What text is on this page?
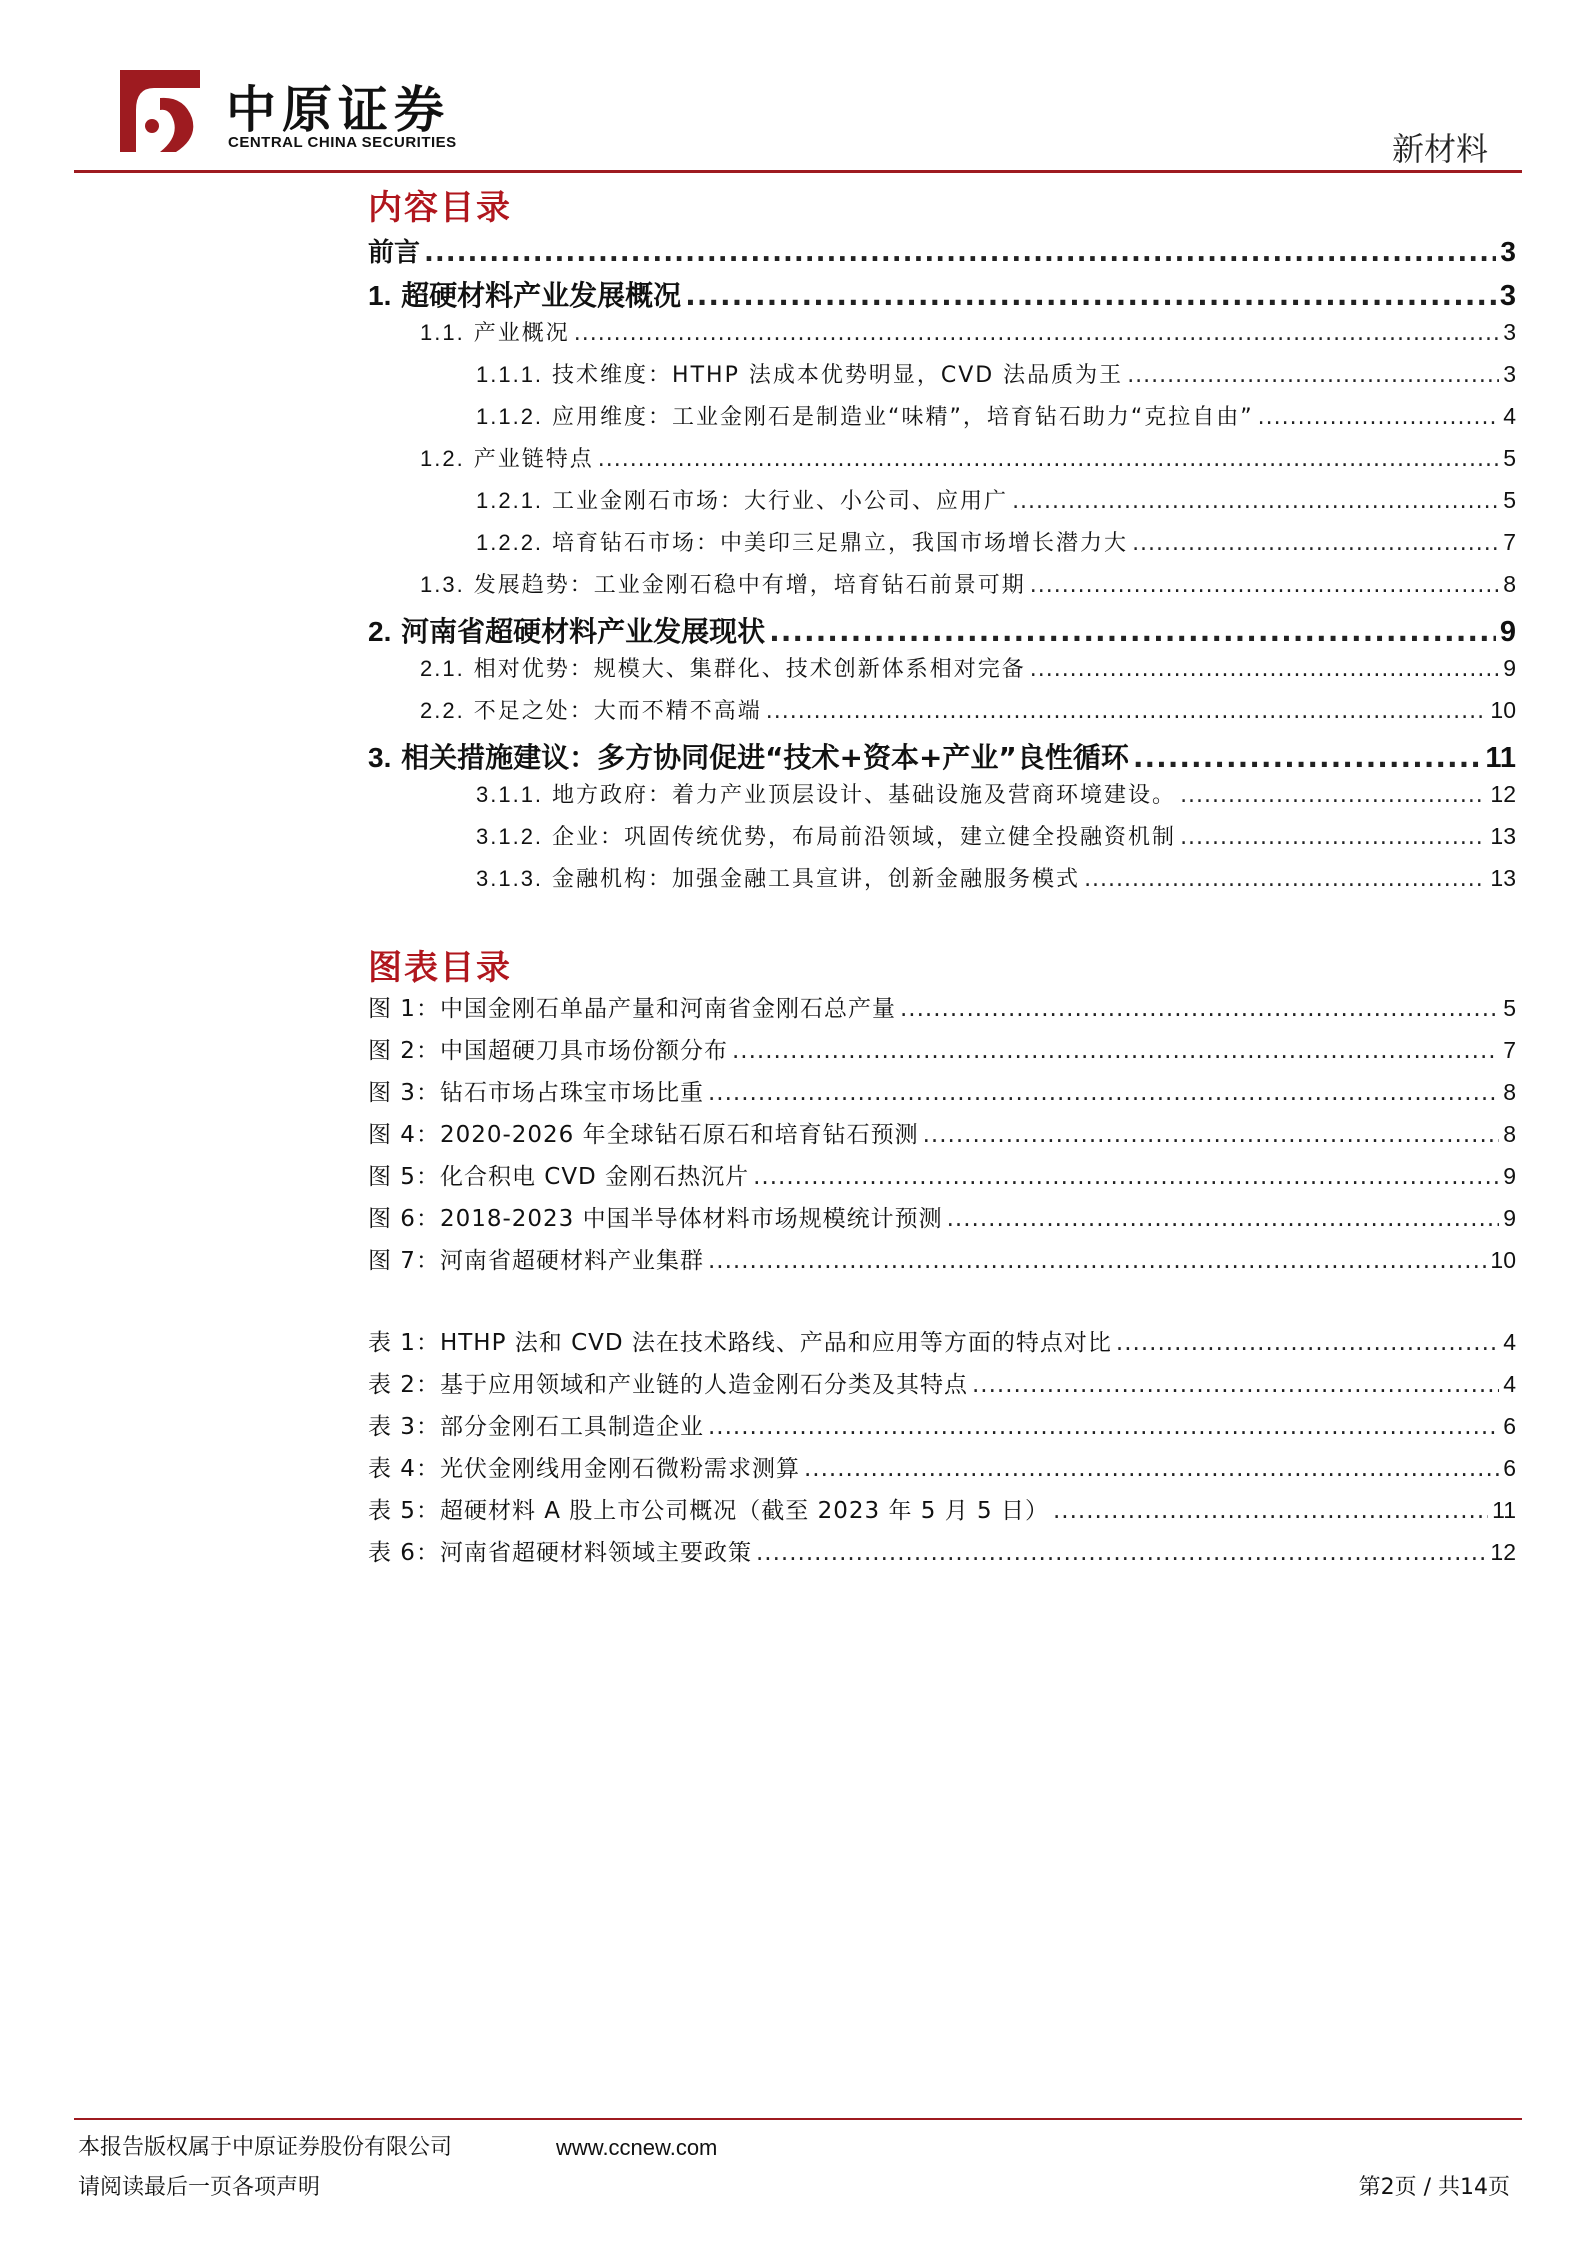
中原证券
CENTRAL CHINA SECURITIES	新材料
内容目录
前言 .....	3
1. 超硬材料产业发展概况 .....	3
1.1. 产业概况 .....	3
1.1.1. 技术维度：HTHP 法成本优势明显，CVD 法品质为王 .....	3
1.1.2. 应用维度：工业金刚石是制造业“味精”，培育钻石助力“克拉自由” .....	4
1.2. 产业链特点 .....	5
1.2.1. 工业金刚石市场：大行业、小公司、应用广 .....	5
1.2.2. 培育钻石市场：中美印三足鼎立，我国市场增长潜力大 .....	7
1.3. 发展趋势：工业金刚石稳中有增，培育钻石前景可期 .....	8
2. 河南省超硬材料产业发展现状 .....	9
2.1. 相对优势：规模大、集群化、技术创新体系相对完备 .....	9
2.2. 不足之处：大而不精不高端 .....	10
3. 相关措施建议：多方协同促进“技术+资本+产业”良性循环 .....	11
3.1.1. 地方政府：着力产业顶层设计、基础设施及营商环境建设。 .....	12
3.1.2. 企业：巩固传统优势，布局前沿领域，建立健全投融资机制 .....	13
3.1.3. 金融机构：加强金融工具宣讲，创新金融服务模式 .....	13
图表目录
图 1：中国金刚石单晶产量和河南省金刚石总产量 .....	5
图 2：中国超硬刀具市场份额分布 .....	7
图 3：钻石市场占珠宝市场比重 .....	8
图 4：2020-2026 年全球钻石原石和培育钻石预测 .....	8
图 5：化合积电 CVD 金刚石热沉片 .....	9
图 6：2018-2023 中国半导体材料市场规模统计预测 .....	9
图 7：河南省超硬材料产业集群 .....	10
表 1：HTHP 法和 CVD 法在技术路线、产品和应用等方面的特点对比 .....	4
表 2：基于应用领域和产业链的人造金刚石分类及其特点 .....	4
表 3：部分金刚石工具制造企业 .....	6
表 4：光伏金刚线用金刚石微粉需求测算 .....	6
表 5：超硬材料 A 股上市公司概况（截至 2023 年 5 月 5 日） .....	11
表 6：河南省超硬材料领域主要政策 .....	12
本报告版权属于中原证券股份有限公司
请阅读最后一页各项声明
www.ccnew.com
第2页 / 共14页
